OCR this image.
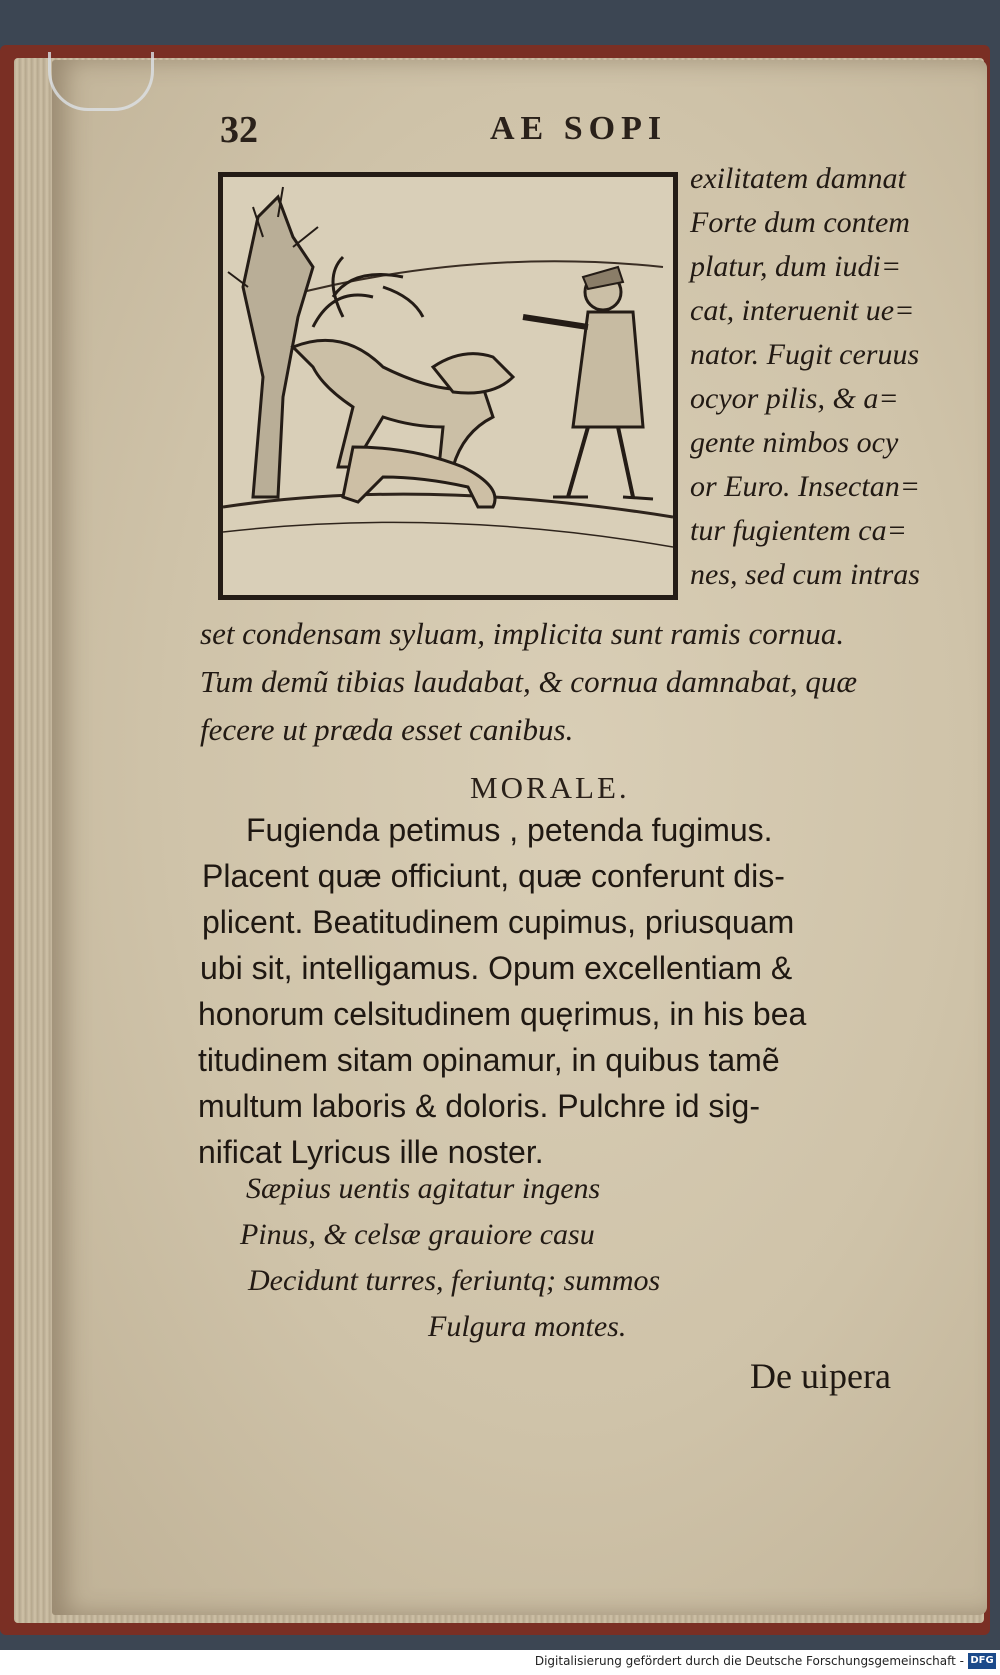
32	AE SOPI
exilitatem damnat
Forte dum contem
platur, dum iudi=
cat, interuenit ue=
nator. Fugit ceruus
ocyor pilis, & a=
gente nimbos ocy
or Euro. Insectan=
tur fugientem ca=
nes, sed cum intras
set condensam syluam, implicita sunt ramis cornua.
Tum demũ tibias laudabat, & cornua damnabat, quæ
fecere ut præda esset canibus.
MORALE.
Fugienda petimus , petenda fugimus.
Placent quæ officiunt, quæ conferunt dis-
plicent. Beatitudinem cupimus, priusquam
ubi sit, intelligamus. Opum excellentiam &
honorum celsitudinem quęrimus, in his bea
titudinem sitam opinamur, in quibus tamẽ
multum laboris & doloris. Pulchre id sig-
nificat Lyricus ille noster.
Sæpius uentis agitatur ingens
Pinus, & celsæ grauiore casu
Decidunt turres, feriuntq; summos
Fulgura montes.
De uipera
Digitalisierung gefördert durch die Deutsche Forschungsgemeinschaft - DFG
